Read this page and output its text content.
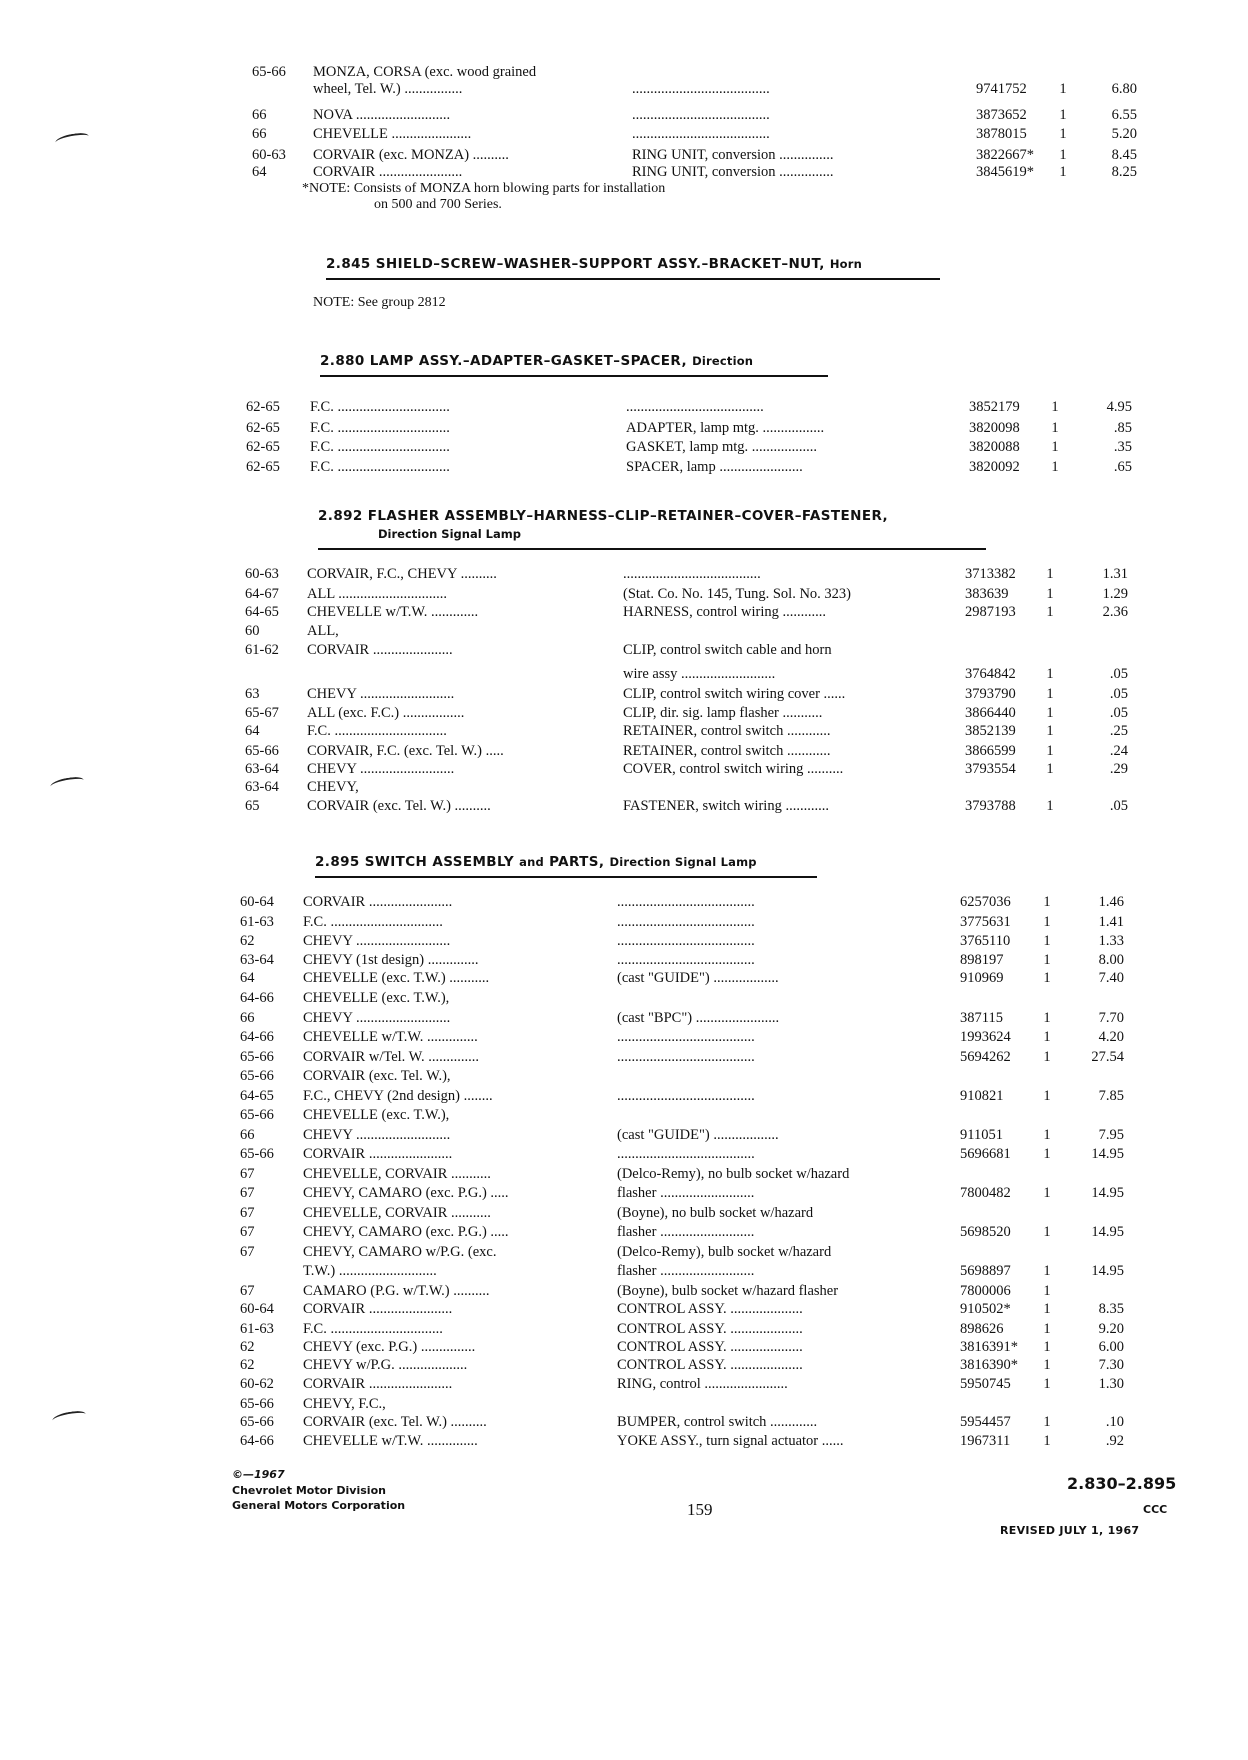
65-66	MONZA, CORSA (exc. wood grained
wheel, Tel. W.) ................	......................................	9741752	1	6.80
66	NOVA ..........................	......................................	3873652	1	6.55
66	CHEVELLE ......................	......................................	3878015	1	5.20
60-63	CORVAIR (exc. MONZA) ..........	RING UNIT, conversion ...............	3822667*	1	8.45
64	CORVAIR .......................	RING UNIT, conversion ...............	3845619*	1	8.25
*NOTE: Consists of MONZA horn blowing parts for installation
on 500 and 700 Series.
2.845 SHIELD–SCREW–WASHER–SUPPORT ASSY.–BRACKET–NUT, Horn
NOTE: See group 2812
2.880 LAMP ASSY.–ADAPTER–GASKET–SPACER, Direction
62-65	F.C. ...............................	......................................	3852179	1	4.95
62-65	F.C. ...............................	ADAPTER, lamp mtg. .................	3820098	1	.85
62-65	F.C. ...............................	GASKET, lamp mtg. ..................	3820088	1	.35
62-65	F.C. ...............................	SPACER, lamp .......................	3820092	1	.65
2.892 FLASHER ASSEMBLY–HARNESS–CLIP–RETAINER–COVER–FASTENER,
Direction Signal Lamp
60-63	CORVAIR, F.C., CHEVY ..........	......................................	3713382	1	1.31
64-67	ALL ..............................	(Stat. Co. No. 145, Tung. Sol. No. 323)	383639	1	1.29
64-65	CHEVELLE w/T.W. .............	HARNESS, control wiring ............	2987193	1	2.36
60	ALL,
61-62	CORVAIR ......................	CLIP, control switch cable and horn
wire assy ..........................	3764842	1	.05
63	CHEVY ..........................	CLIP, control switch wiring cover ......	3793790	1	.05
65-67	ALL (exc. F.C.) .................	CLIP, dir. sig. lamp flasher ...........	3866440	1	.05
64	F.C. ...............................	RETAINER, control switch ............	3852139	1	.25
65-66	CORVAIR, F.C. (exc. Tel. W.) .....	RETAINER, control switch ............	3866599	1	.24
63-64	CHEVY ..........................	COVER, control switch wiring ..........	3793554	1	.29
63-64	CHEVY,
65	CORVAIR (exc. Tel. W.) ..........	FASTENER, switch wiring ............	3793788	1	.05
2.895 SWITCH ASSEMBLY and PARTS, Direction Signal Lamp
60-64	CORVAIR .......................	......................................	6257036	1	1.46
61-63	F.C. ...............................	......................................	3775631	1	1.41
62	CHEVY ..........................	......................................	3765110	1	1.33
63-64	CHEVY (1st design) ..............	......................................	898197	1	8.00
64	CHEVELLE (exc. T.W.) ...........	(cast "GUIDE") ..................	910969	1	7.40
64-66	CHEVELLE (exc. T.W.),
66	CHEVY ..........................	(cast "BPC") .......................	387115	1	7.70
64-66	CHEVELLE w/T.W. ..............	......................................	1993624	1	4.20
65-66	CORVAIR w/Tel. W. ..............	......................................	5694262	1	27.54
65-66	CORVAIR (exc. Tel. W.),
64-65	F.C., CHEVY (2nd design) ........	......................................	910821	1	7.85
65-66	CHEVELLE (exc. T.W.),
66	CHEVY ..........................	(cast "GUIDE") ..................	911051	1	7.95
65-66	CORVAIR .......................	......................................	5696681	1	14.95
67	CHEVELLE, CORVAIR ...........	(Delco-Remy), no bulb socket w/hazard
67	CHEVY, CAMARO (exc. P.G.) .....	flasher ..........................	7800482	1	14.95
67	CHEVELLE, CORVAIR ...........	(Boyne), no bulb socket w/hazard
67	CHEVY, CAMARO (exc. P.G.) .....	flasher ..........................	5698520	1	14.95
67	CHEVY, CAMARO w/P.G. (exc.	(Delco-Remy), bulb socket w/hazard
T.W.) ...........................	flasher ..........................	5698897	1	14.95
67	CAMARO (P.G. w/T.W.) ..........	(Boyne), bulb socket w/hazard flasher	7800006	1
60-64	CORVAIR .......................	CONTROL ASSY. ....................	910502*	1	8.35
61-63	F.C. ...............................	CONTROL ASSY. ....................	898626	1	9.20
62	CHEVY (exc. P.G.) ...............	CONTROL ASSY. ....................	3816391*	1	6.00
62	CHEVY w/P.G. ...................	CONTROL ASSY. ....................	3816390*	1	7.30
60-62	CORVAIR .......................	RING, control .......................	5950745	1	1.30
65-66	CHEVY, F.C.,
65-66	CORVAIR (exc. Tel. W.) ..........	BUMPER, control switch .............	5954457	1	.10
64-66	CHEVELLE w/T.W. ..............	YOKE ASSY., turn signal actuator ......	1967311	1	.92
©—1967
Chevrolet Motor Division
General Motors Corporation	159
2.830–2.895
CCC
REVISED JULY 1, 1967
